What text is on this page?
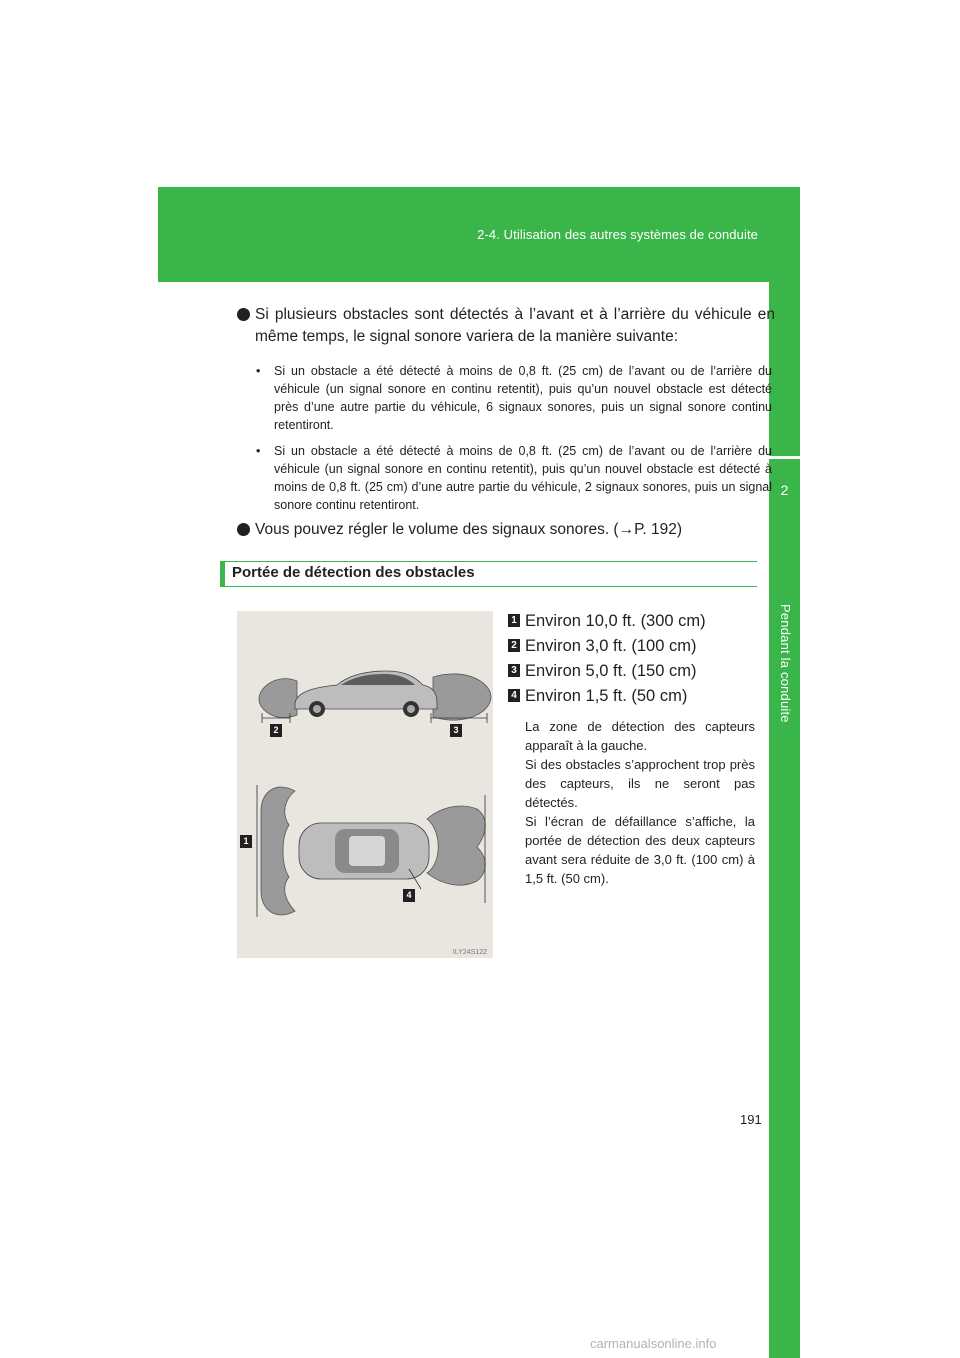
2-4. Utilisation des autres systèmes de conduite
2
Pendant la conduite
Si plusieurs obstacles sont détectés à l’avant et à l’arrière du véhicule en même temps, le signal sonore variera de la manière suivante:
• Si un obstacle a été détecté à moins de 0,8 ft. (25 cm) de l’avant ou de l’arrière du véhicule (un signal sonore en continu retentit), puis qu’un nouvel obstacle est détecté près d’une autre partie du véhicule, 6 signaux sonores, puis un signal sonore continu retentiront.
• Si un obstacle a été détecté à moins de 0,8 ft. (25 cm) de l’avant ou de l’arrière du véhicule (un signal sonore en continu retentit), puis qu’un nouvel obstacle est détecté à moins de 0,8 ft. (25 cm) d’une autre partie du véhicule, 2 signaux sonores, puis un signal sonore continu retentiront.
Vous pouvez régler le volume des signaux sonores. (→P. 192)
Portée de détection des obstacles
2	3
1
4
ILY24S122
1 Environ 10,0 ft. (300 cm)
2 Environ 3,0 ft. (100 cm)
3 Environ 5,0 ft. (150 cm)
4 Environ 1,5 ft. (50 cm)

La zone de détection des capteurs apparaît à la gauche.

Si des obstacles s’approchent trop près des capteurs, ils ne seront pas détectés.

Si l’écran de défaillance s’affiche, la portée de détection des deux capteurs avant sera réduite de 3,0 ft. (100 cm) à 1,5 ft. (50 cm).

191
carmanualsonline.info
